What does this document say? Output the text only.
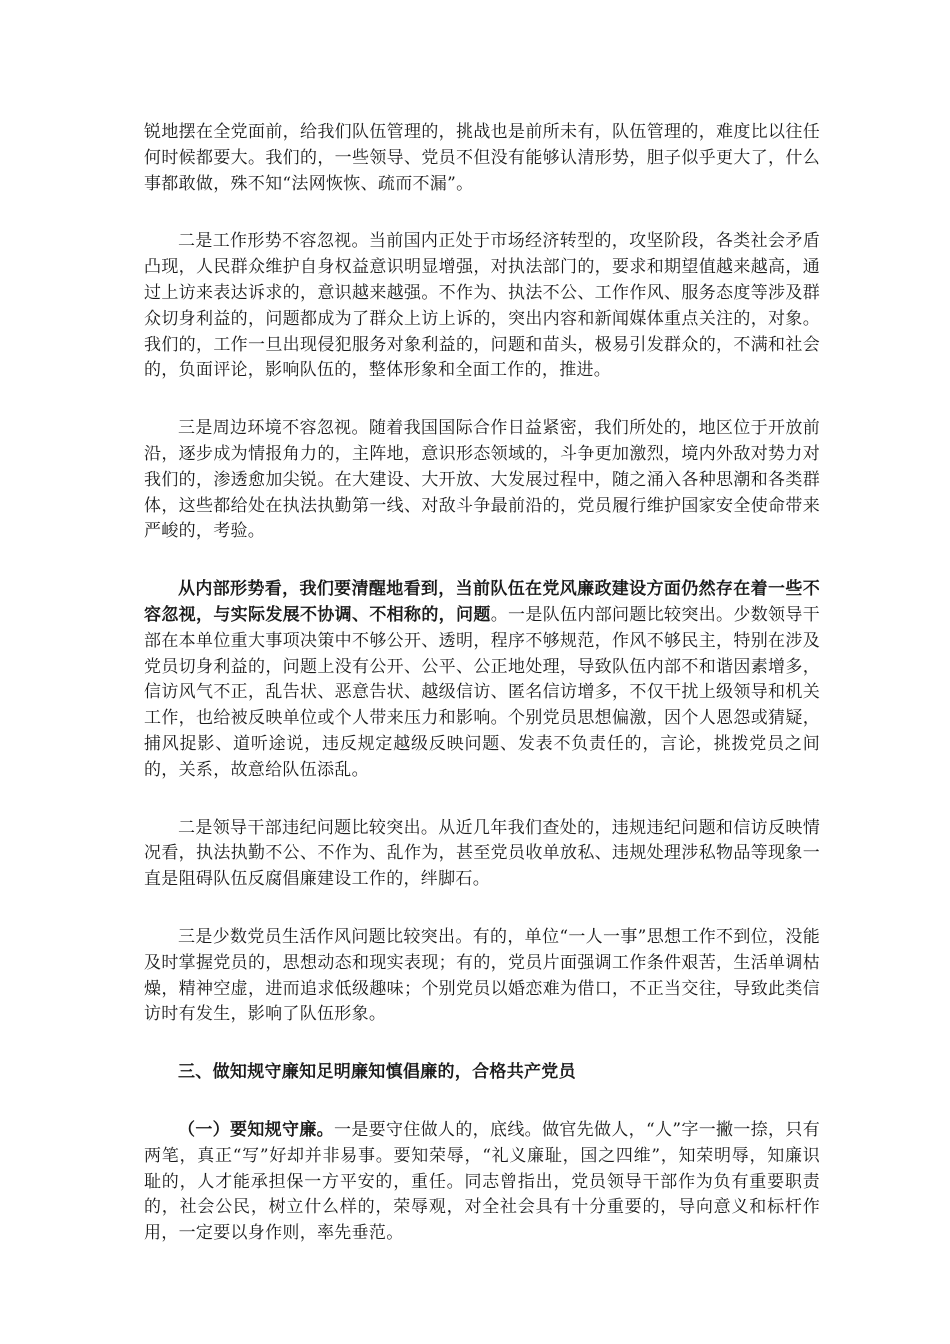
锐地摆在全党面前，给我们队伍管理的，挑战也是前所未有，队伍管理的，难度比以往任何时候都要大。我们的，一些领导、党员不但没有能够认清形势，胆子似乎更大了，什么事都敢做，殊不知“法网恢恢、疏而不漏”。

二是工作形势不容忽视。当前国内正处于市场经济转型的，攻坚阶段，各类社会矛盾凸现，人民群众维护自身权益意识明显增强，对执法部门的，要求和期望值越来越高，通过上访来表达诉求的，意识越来越强。不作为、执法不公、工作作风、服务态度等涉及群众切身利益的，问题都成为了群众上访上诉的，突出内容和新闻媒体重点关注的，对象。我们的，工作一旦出现侵犯服务对象利益的，问题和苗头，极易引发群众的，不满和社会的，负面评论，影响队伍的，整体形象和全面工作的，推进。

三是周边环境不容忽视。随着我国国际合作日益紧密，我们所处的，地区位于开放前沿，逐步成为情报角力的，主阵地，意识形态领域的，斗争更加激烈，境内外敌对势力对我们的，渗透愈加尖锐。在大建设、大开放、大发展过程中，随之涌入各种思潮和各类群体，这些都给处在执法执勤第一线、对敌斗争最前沿的，党员履行维护国家安全使命带来严峻的，考验。

从内部形势看，我们要清醒地看到，当前队伍在党风廉政建设方面仍然存在着一些不容忽视，与实际发展不协调、不相称的，问题。一是队伍内部问题比较突出。少数领导干部在本单位重大事项决策中不够公开、透明，程序不够规范，作风不够民主，特别在涉及党员切身利益的，问题上没有公开、公平、公正地处理，导致队伍内部不和谐因素增多，信访风气不正，乱告状、恶意告状、越级信访、匿名信访增多，不仅干扰上级领导和机关工作，也给被反映单位或个人带来压力和影响。个别党员思想偏激，因个人恩怨或猜疑，捕风捉影、道听途说，违反规定越级反映问题、发表不负责任的，言论，挑拨党员之间的，关系，故意给队伍添乱。

二是领导干部违纪问题比较突出。从近几年我们查处的，违规违纪问题和信访反映情况看，执法执勤不公、不作为、乱作为，甚至党员收单放私、违规处理涉私物品等现象一直是阻碍队伍反腐倡廉建设工作的，绊脚石。

三是少数党员生活作风问题比较突出。有的，单位“一人一事”思想工作不到位，没能及时掌握党员的，思想动态和现实表现；有的，党员片面强调工作条件艰苦，生活单调枯燥，精神空虚，进而追求低级趣味；个别党员以婚恋难为借口，不正当交往，导致此类信访时有发生，影响了队伍形象。

三、做知规守廉知足明廉知慎倡廉的，合格共产党员

（一）要知规守廉。一是要守住做人的，底线。做官先做人，“人”字一撇一捺，只有两笔，真正“写”好却并非易事。要知荣辱，“礼义廉耻，国之四维”，知荣明辱，知廉识耻的，人才能承担保一方平安的，重任。同志曾指出，党员领导干部作为负有重要职责的，社会公民，树立什么样的，荣辱观，对全社会具有十分重要的，导向意义和标杆作用，一定要以身作则，率先垂范。
